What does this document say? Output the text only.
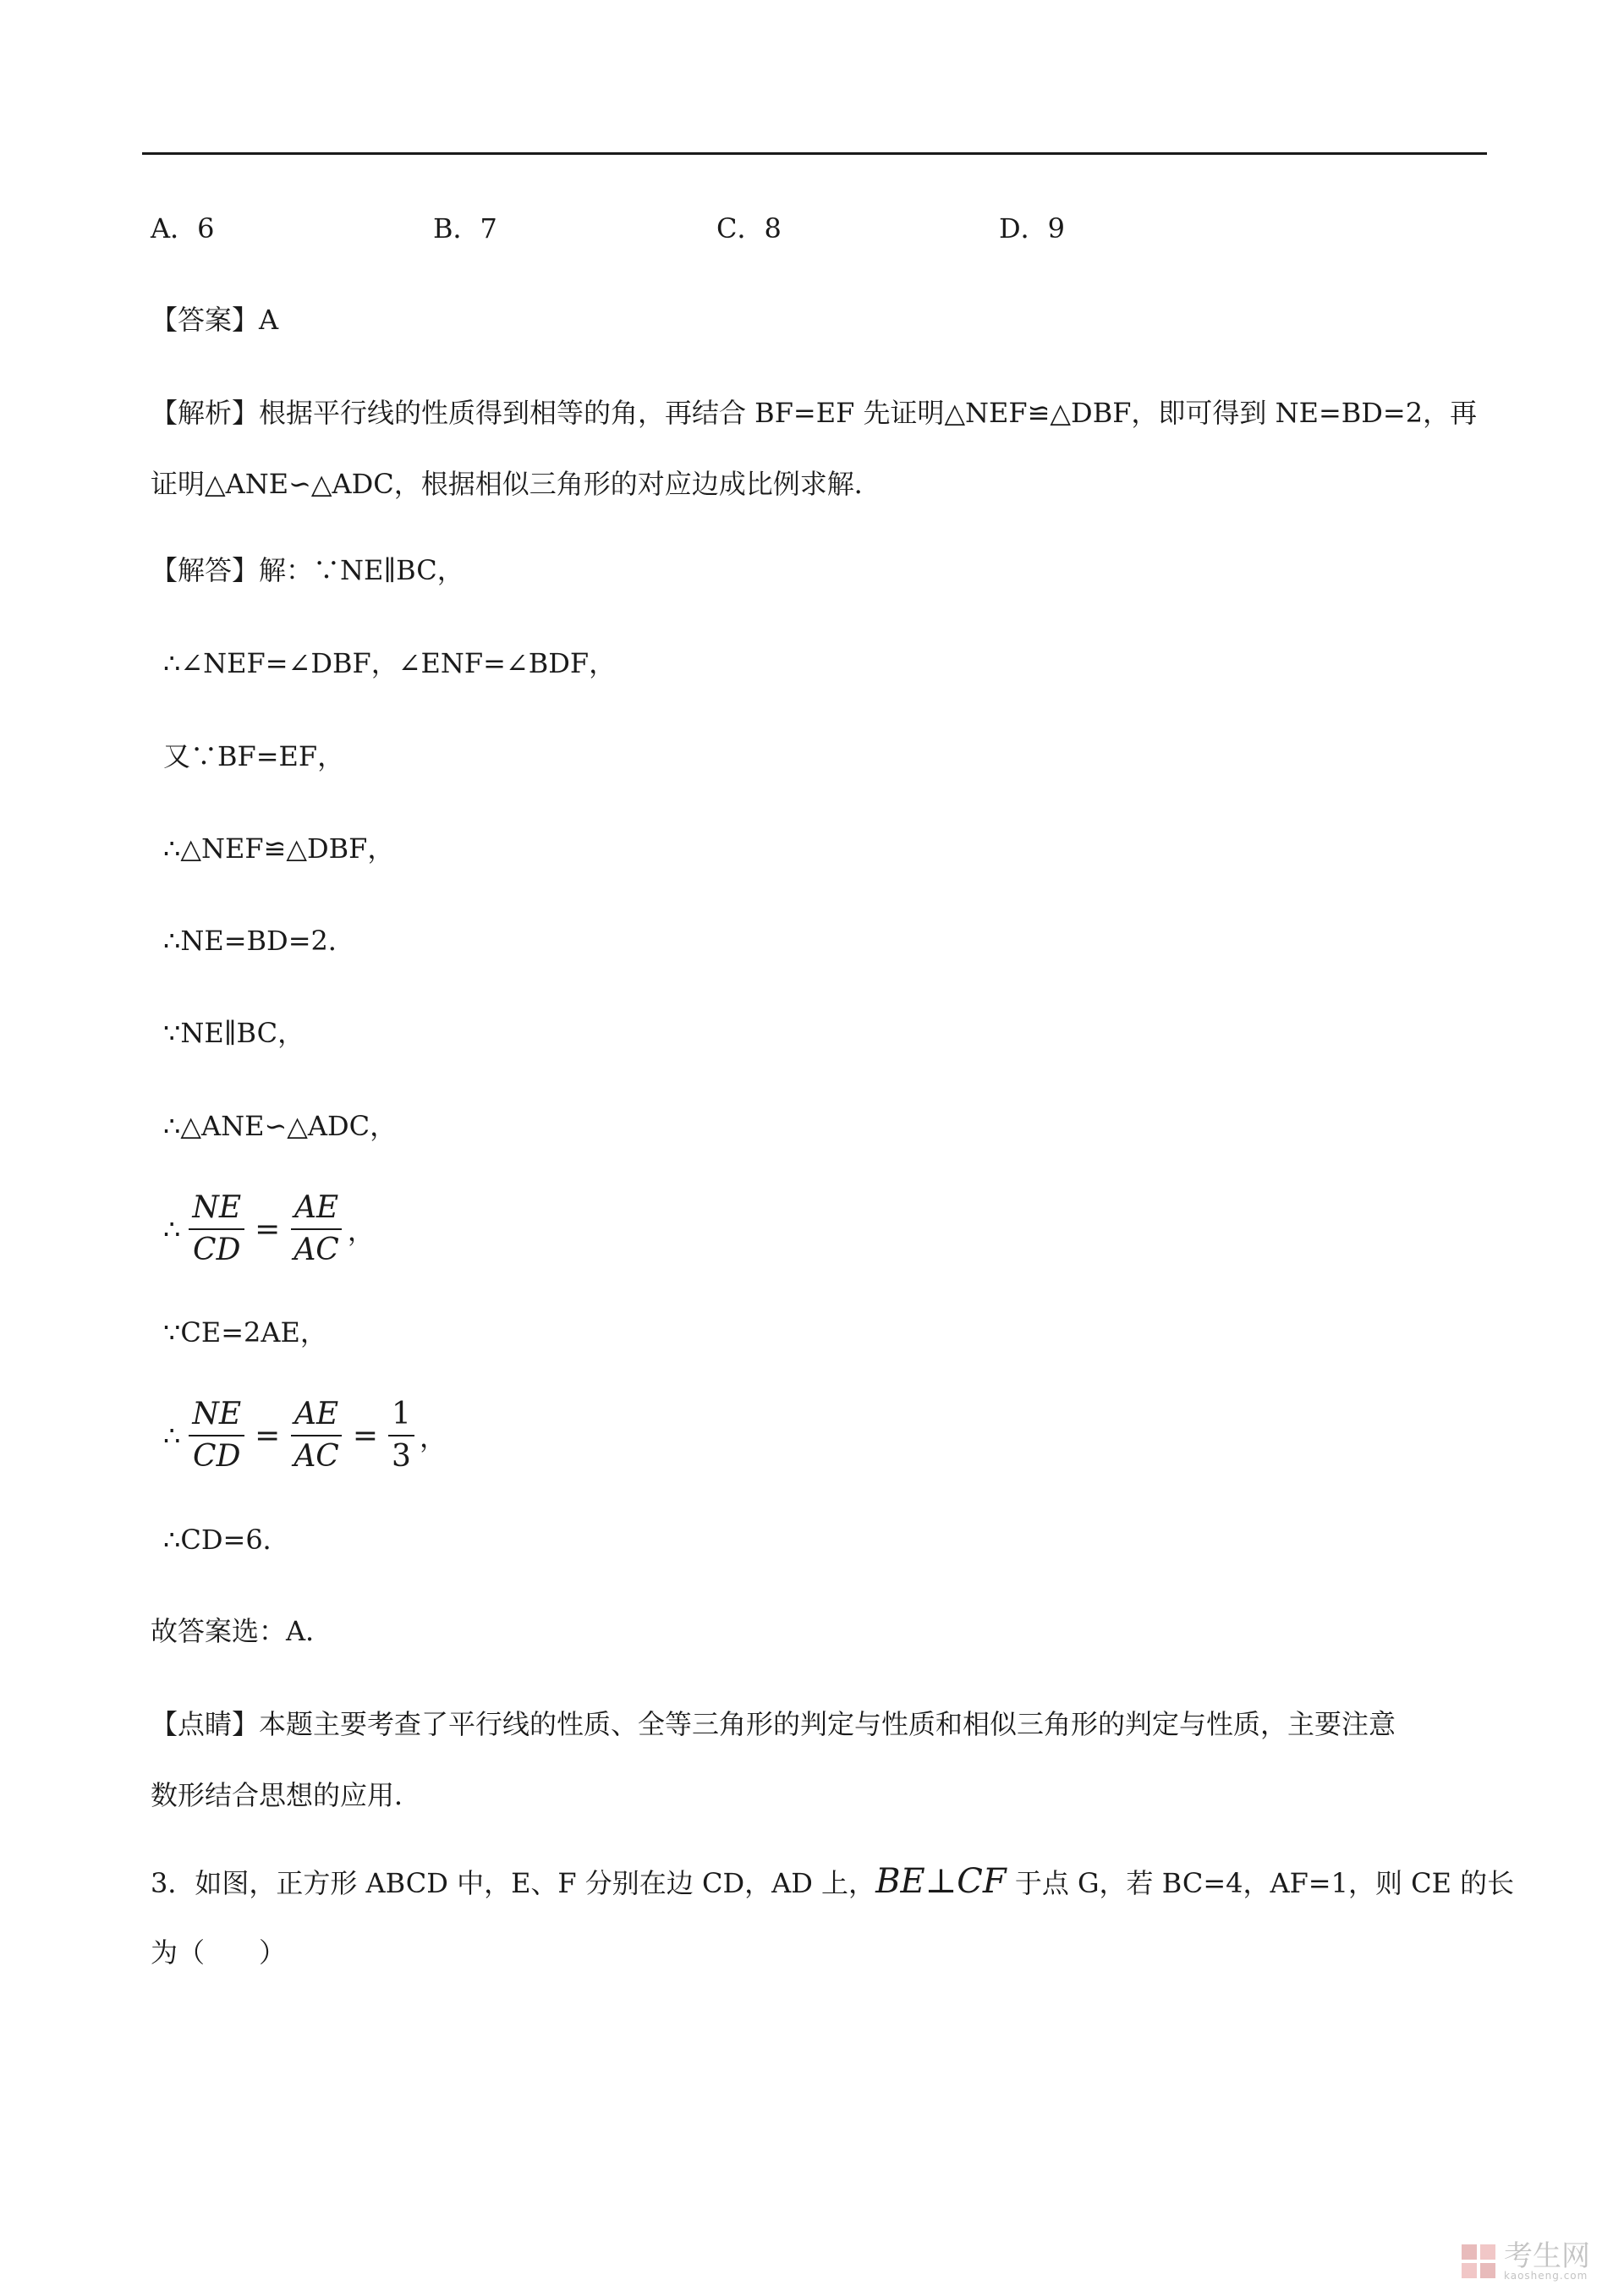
A．6	B．7	C．8	D．9
【答案】A
【解析】根据平行线的性质得到相等的角，再结合 BF=EF 先证明△NEF≌△DBF，即可得到 NE=BD=2，再
证明△ANE∽△ADC，根据相似三角形的对应边成比例求解．
【解答】解：∵NE∥BC，
∴∠NEF=∠DBF，∠ENF=∠BDF，
又∵BF=EF，
∴△NEF≌△DBF，
∴NE=BD=2．
∵NE∥BC，
∴△ANE∽△ADC，
∴ $\frac{NE}{CD} = \frac{AE}{AC}$ ，
∵CE=2AE，
∴ $\frac{NE}{CD} = \frac{AE}{AC} = \frac{1}{3}$ ，
∴CD=6．
故答案选：A．
【点睛】本题主要考查了平行线的性质、全等三角形的判定与性质和相似三角形的判定与性质，主要注意
数形结合思想的应用．
3．如图，正方形 ABCD 中，E、F 分别在边 CD，AD 上，BE⊥CF 于点 G，若 BC=4，AF=1，则 CE 的长
为（　　）
考生网
kaosheng.com
